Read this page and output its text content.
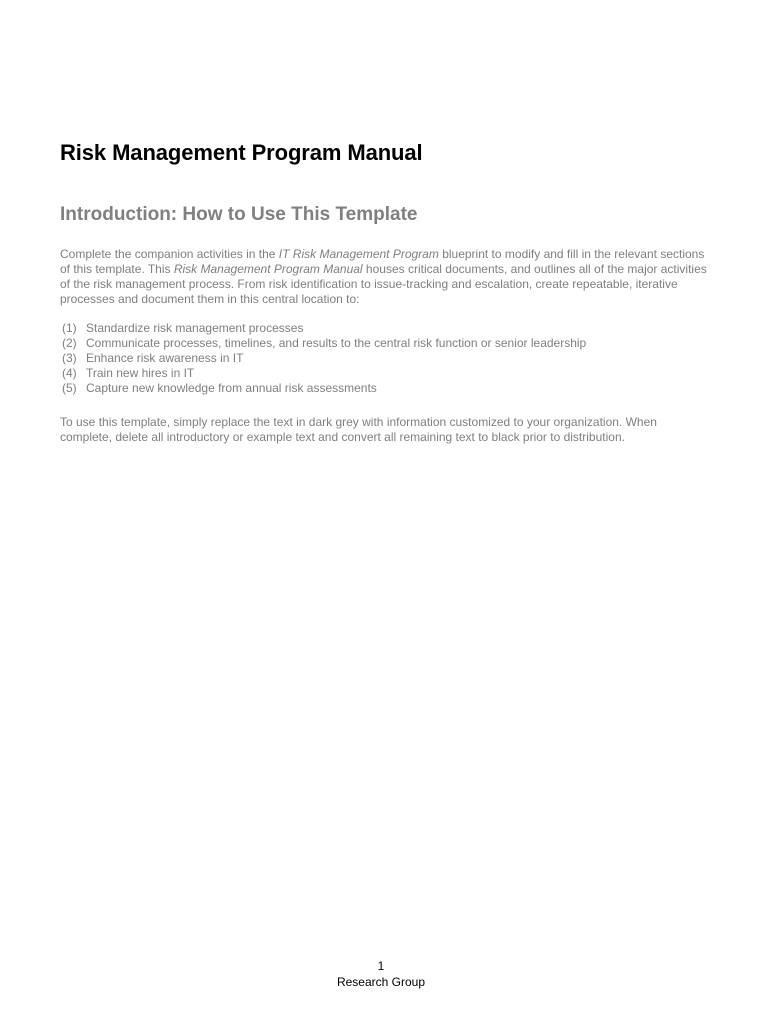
Risk Management Program Manual
Introduction: How to Use This Template

Complete the companion activities in the IT Risk Management Program blueprint to modify and fill in the relevant sections of this template. This Risk Management Program Manual houses critical documents, and outlines all of the major activities of the risk management process. From risk identification to issue-tracking and escalation, create repeatable, iterative processes and document them in this central location to:

(1) Standardize risk management processes
(2) Communicate processes, timelines, and results to the central risk function or senior leadership
(3) Enhance risk awareness in IT
(4) Train new hires in IT
(5) Capture new knowledge from annual risk assessments

To use this template, simply replace the text in dark grey with information customized to your organization. When complete, delete all introductory or example text and convert all remaining text to black prior to distribution.

1
Research Group
